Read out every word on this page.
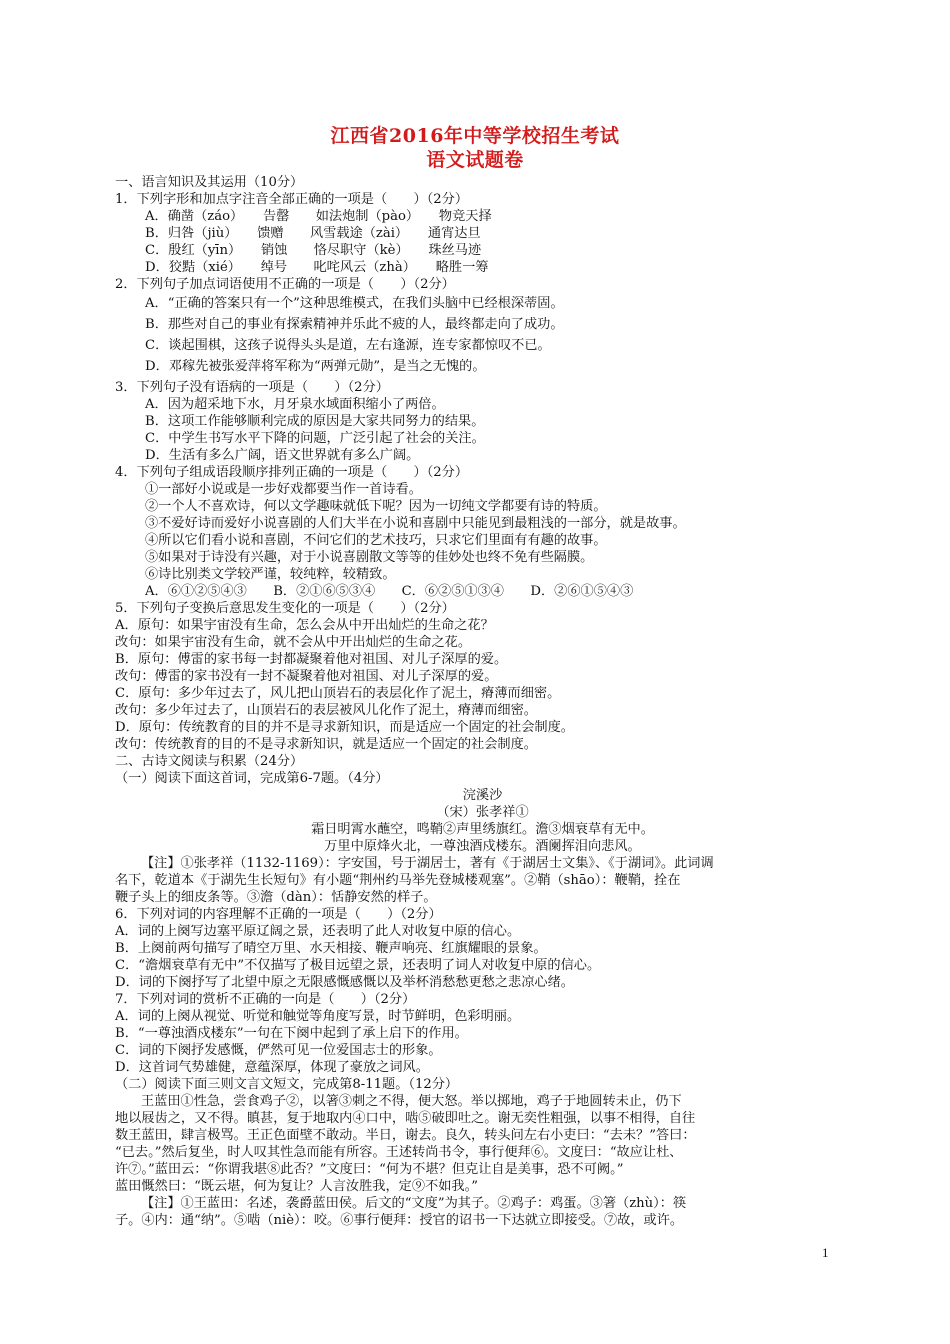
江西省2016年中等学校招生考试
语文试题卷
一、语言知识及其运用（10分）
1．下列字形和加点字注音全部正确的一项是（　　）（2分）
A．确凿（záo）　　告罄　　如法炮制（pào）　　物竞天择
B．归咎（jiù）　　馈赠　　风雪载途（zài）　　通宵达旦
C．殷红（yīn）　　销蚀　　恪尽职守（kè）　　珠丝马迹
D．狡黠（xié）　　绰号　　叱咤风云（zhà）　　略胜一筹
2．下列句子加点词语使用不正确的一项是（　　）（2分）
A．“正确的答案只有一个”这种思维模式，在我们头脑中已经根深蒂固。
B．那些对自己的事业有探索精神并乐此不疲的人，最终都走向了成功。
C．谈起围棋，这孩子说得头头是道，左右逢源，连专家都惊叹不已。
D．邓稼先被张爱萍将军称为“两弹元勋”，是当之无愧的。
3．下列句子没有语病的一项是（　　）（2分）
A．因为超采地下水，月牙泉水域面积缩小了两倍。
B．这项工作能够顺利完成的原因是大家共同努力的结果。
C．中学生书写水平下降的问题，广泛引起了社会的关注。
D．生活有多么广阔，语文世界就有多么广阔。
4．下列句子组成语段顺序排列正确的一项是（　　）（2分）
①一部好小说或是一步好戏都要当作一首诗看。
②一个人不喜欢诗，何以文学趣味就低下呢？因为一切纯文学都要有诗的特质。
③不爱好诗而爱好小说喜剧的人们大半在小说和喜剧中只能见到最粗浅的一部分，就是故事。
④所以它们看小说和喜剧，不问它们的艺术技巧，只求它们里面有有趣的故事。
⑤如果对于诗没有兴趣，对于小说喜剧散文等等的佳妙处也终不免有些隔膜。
⑥诗比别类文学较严谨，较纯粹，较精致。
A．⑥①②⑤④③　　B．②①⑥⑤③④　　C．⑥②⑤①③④　　D．②⑥①⑤④③
5．下列句子变换后意思发生变化的一项是（　　）（2分）
A．原句：如果宇宙没有生命，怎么会从中开出灿烂的生命之花？
改句：如果宇宙没有生命，就不会从中开出灿烂的生命之花。
B．原句：傅雷的家书每一封都凝聚着他对祖国、对儿子深厚的爱。
改句：傅雷的家书没有一封不凝聚着他对祖国、对儿子深厚的爱。
C．原句：多少年过去了，风儿把山顶岩石的表层化作了泥土，瘠薄而细密。
改句：多少年过去了，山顶岩石的表层被风儿化作了泥土，瘠薄而细密。
D．原句：传统教育的目的并不是寻求新知识，而是适应一个固定的社会制度。
改句：传统教育的目的不是寻求新知识，就是适应一个固定的社会制度。
二、古诗文阅读与积累（24分）
（一）阅读下面这首词，完成第6-7题。（4分）
浣溪沙
（宋）张孝祥①
霜日明霄水蘸空，鸣鞘②声里绣旗红。澹③烟衰草有无中。
万里中原烽火北，一尊浊酒戍楼东。酒阑挥泪向悲风。
【注】①张孝祥（1132-1169）：字安国，号于湖居士，著有《于湖居士文集》、《于湖词》。此词调
名下，乾道本《于湖先生长短句》有小题“荆州约马举先登城楼观塞”。②鞘（shāo）：鞭鞘，拴在
鞭子头上的细皮条等。③澹（dàn）：恬静安然的样子。
6．下列对词的内容理解不正确的一项是（　　）（2分）
A．词的上阕写边塞平原辽阔之景，还表明了此人对收复中原的信心。
B．上阕前两句描写了晴空万里、水天相接、鞭声响亮、红旗耀眼的景象。
C．“澹烟衰草有无中”不仅描写了极目远望之景，还表明了词人对收复中原的信心。
D．词的下阕抒写了北望中原之无限感慨感慨以及举杯消愁愁更愁之悲凉心绪。
7．下列对词的赏析不正确的一向是（　　）（2分）
A．词的上阕从视觉、听觉和触觉等角度写景，时节鲜明，色彩明丽。
B．“一尊浊酒戍楼东”一句在下阕中起到了承上启下的作用。
C．词的下阕抒发感慨，俨然可见一位爱国志士的形象。
D．这首词气势雄健，意蕴深厚，体现了豪放之词风。
（二）阅读下面三则文言文短文，完成第8-11题。（12分）
王蓝田①性急，尝食鸡子②，以箸③刺之不得，便大怒。举以掷地，鸡子于地圆转未止，仍下
地以屐齿之，又不得。瞋甚，复于地取内④口中，啮⑤破即吐之。谢无奕性粗强，以事不相得，自往
数王蓝田，肆言极骂。王正色面壁不敢动。半日，谢去。良久，转头问左右小吏曰：“去未？”答曰：
“已去。”然后复坐，时人叹其性急而能有所容。王述转尚书令，事行便拜⑥。文度曰：“故应让杜、
许⑦。”蓝田云：“你谓我堪⑧此否？”文度曰：“何为不堪？但克让自是美事，恐不可阙。”
蓝田慨然曰：“既云堪，何为复让？人言汝胜我，定⑨不如我。”
【注】①王蓝田：名述，袭爵蓝田侯。后文的“文度”为其子。②鸡子：鸡蛋。③箸（zhù）：筷
子。④内：通“纳”。⑤啮（niè）：咬。⑥事行便拜：授官的诏书一下达就立即接受。⑦故，或许。
1
